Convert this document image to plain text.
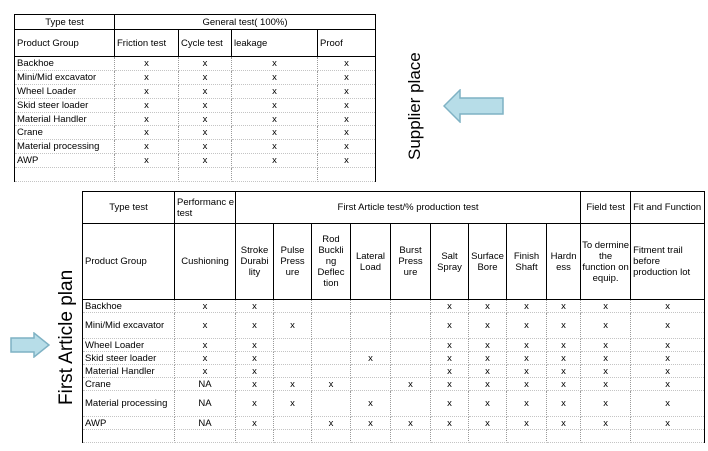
Type test	General test( 100%)			
Product Group	Friction test	Cycle test	leakage	Proof
Backhoe	x	x	x	x
Mini/Mid excavator	x	x	x	x
Wheel Loader	x	x	x	x
Skid steer loader	x	x	x	x
Material Handler	x	x	x	x
Crane	x	x	x	x
Material processing	x	x	x	x
AWP	x	x	x	x

Supplier place
First Article plan
Type test	Performanc e test	First Article test/% production test									Field test	Fit and Function
Product Group	Cushioning	Stroke Durabi lity	Pulse Press ure	Rod Buckli ng Deflec tion	Lateral Load	Burst Press ure	Salt Spray	Surface Bore	Finish Shaft	Hardn ess	To dermine the function on equip.	Fitment trail before production lot
Backhoe	x	x					x	x	x	x	x	x
Mini/Mid excavator	x	x	x				x	x	x	x	x	x
Wheel Loader	x	x					x	x	x	x	x	x
Skid steer loader	x	x			x		x	x	x	x	x	x
Material Handler	x	x					x	x	x	x	x	x
Crane	NA	x	x	x		x	x	x	x	x	x	x
Material processing	NA	x	x		x		x	x	x	x	x	x
AWP	NA	x		x	x	x	x	x	x	x	x	x
